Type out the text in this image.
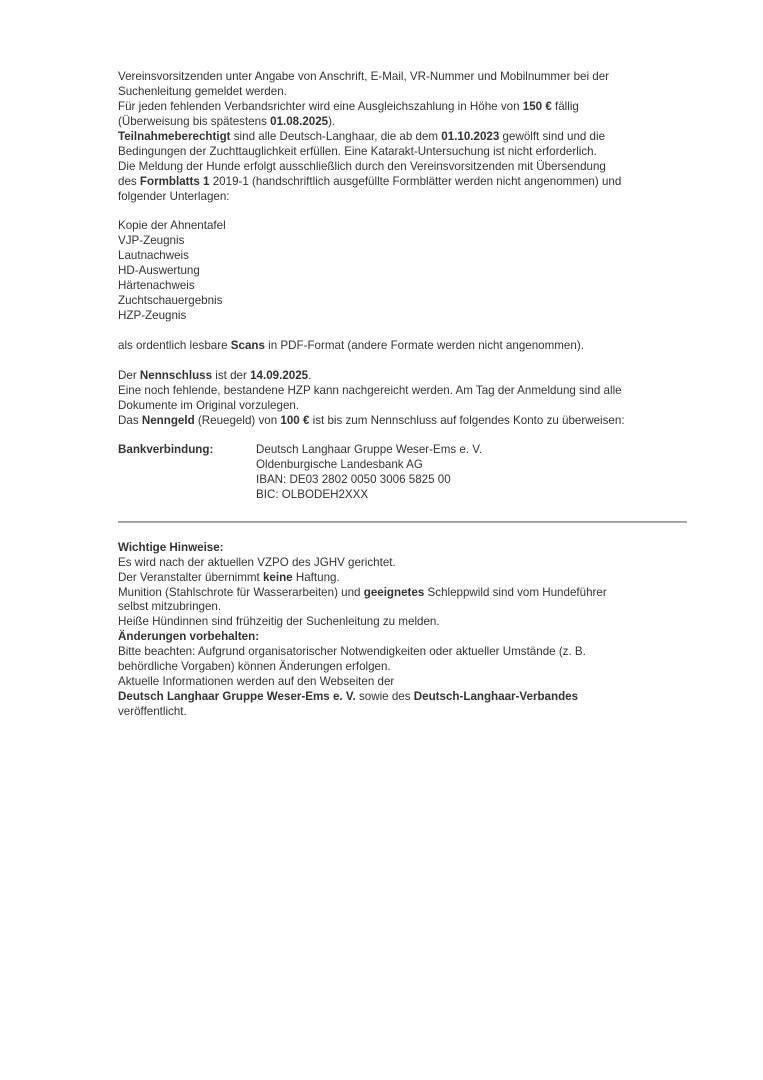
Vereinsvorsitzenden unter Angabe von Anschrift, E-Mail, VR-Nummer und Mobilnummer bei der
Suchenleitung gemeldet werden.
Für jeden fehlenden Verbandsrichter wird eine Ausgleichszahlung in Höhe von 150 € fällig
(Überweisung bis spätestens 01.08.2025).
Teilnahmeberechtigt sind alle Deutsch-Langhaar, die ab dem 01.10.2023 gewölft sind und die
Bedingungen der Zuchttauglichkeit erfüllen. Eine Katarakt-Untersuchung ist nicht erforderlich.
Die Meldung der Hunde erfolgt ausschließlich durch den Vereinsvorsitzenden mit Übersendung
des Formblatts 1 2019-1 (handschriftlich ausgefüllte Formblätter werden nicht angenommen) und
folgender Unterlagen:
Kopie der Ahnentafel
VJP-Zeugnis
Lautnachweis
HD-Auswertung
Härtenachweis
Zuchtschauergebnis
HZP-Zeugnis
als ordentlich lesbare Scans in PDF-Format (andere Formate werden nicht angenommen).
Der Nennschluss ist der 14.09.2025.
Eine noch fehlende, bestandene HZP kann nachgereicht werden. Am Tag der Anmeldung sind alle
Dokumente im Original vorzulegen.
Das Nenngeld (Reuegeld) von 100 € ist bis zum Nennschluss auf folgendes Konto zu überweisen:
Bankverbindung:	Deutsch Langhaar Gruppe Weser-Ems e. V.
Oldenburgische Landesbank AG
IBAN: DE03 2802 0050 3006 5825 00
BIC: OLBODEH2XXX
Wichtige Hinweise:
Es wird nach der aktuellen VZPO des JGHV gerichtet.
Der Veranstalter übernimmt keine Haftung.
Munition (Stahlschrote für Wasserarbeiten) und geeignetes Schleppwild sind vom Hundeführer
selbst mitzubringen.
Heiße Hündinnen sind frühzeitig der Suchenleitung zu melden.
Änderungen vorbehalten:
Bitte beachten: Aufgrund organisatorischer Notwendigkeiten oder aktueller Umstände (z. B.
behördliche Vorgaben) können Änderungen erfolgen.
Aktuelle Informationen werden auf den Webseiten der
Deutsch Langhaar Gruppe Weser-Ems e. V. sowie des Deutsch-Langhaar-Verbandes
veröffentlicht.
